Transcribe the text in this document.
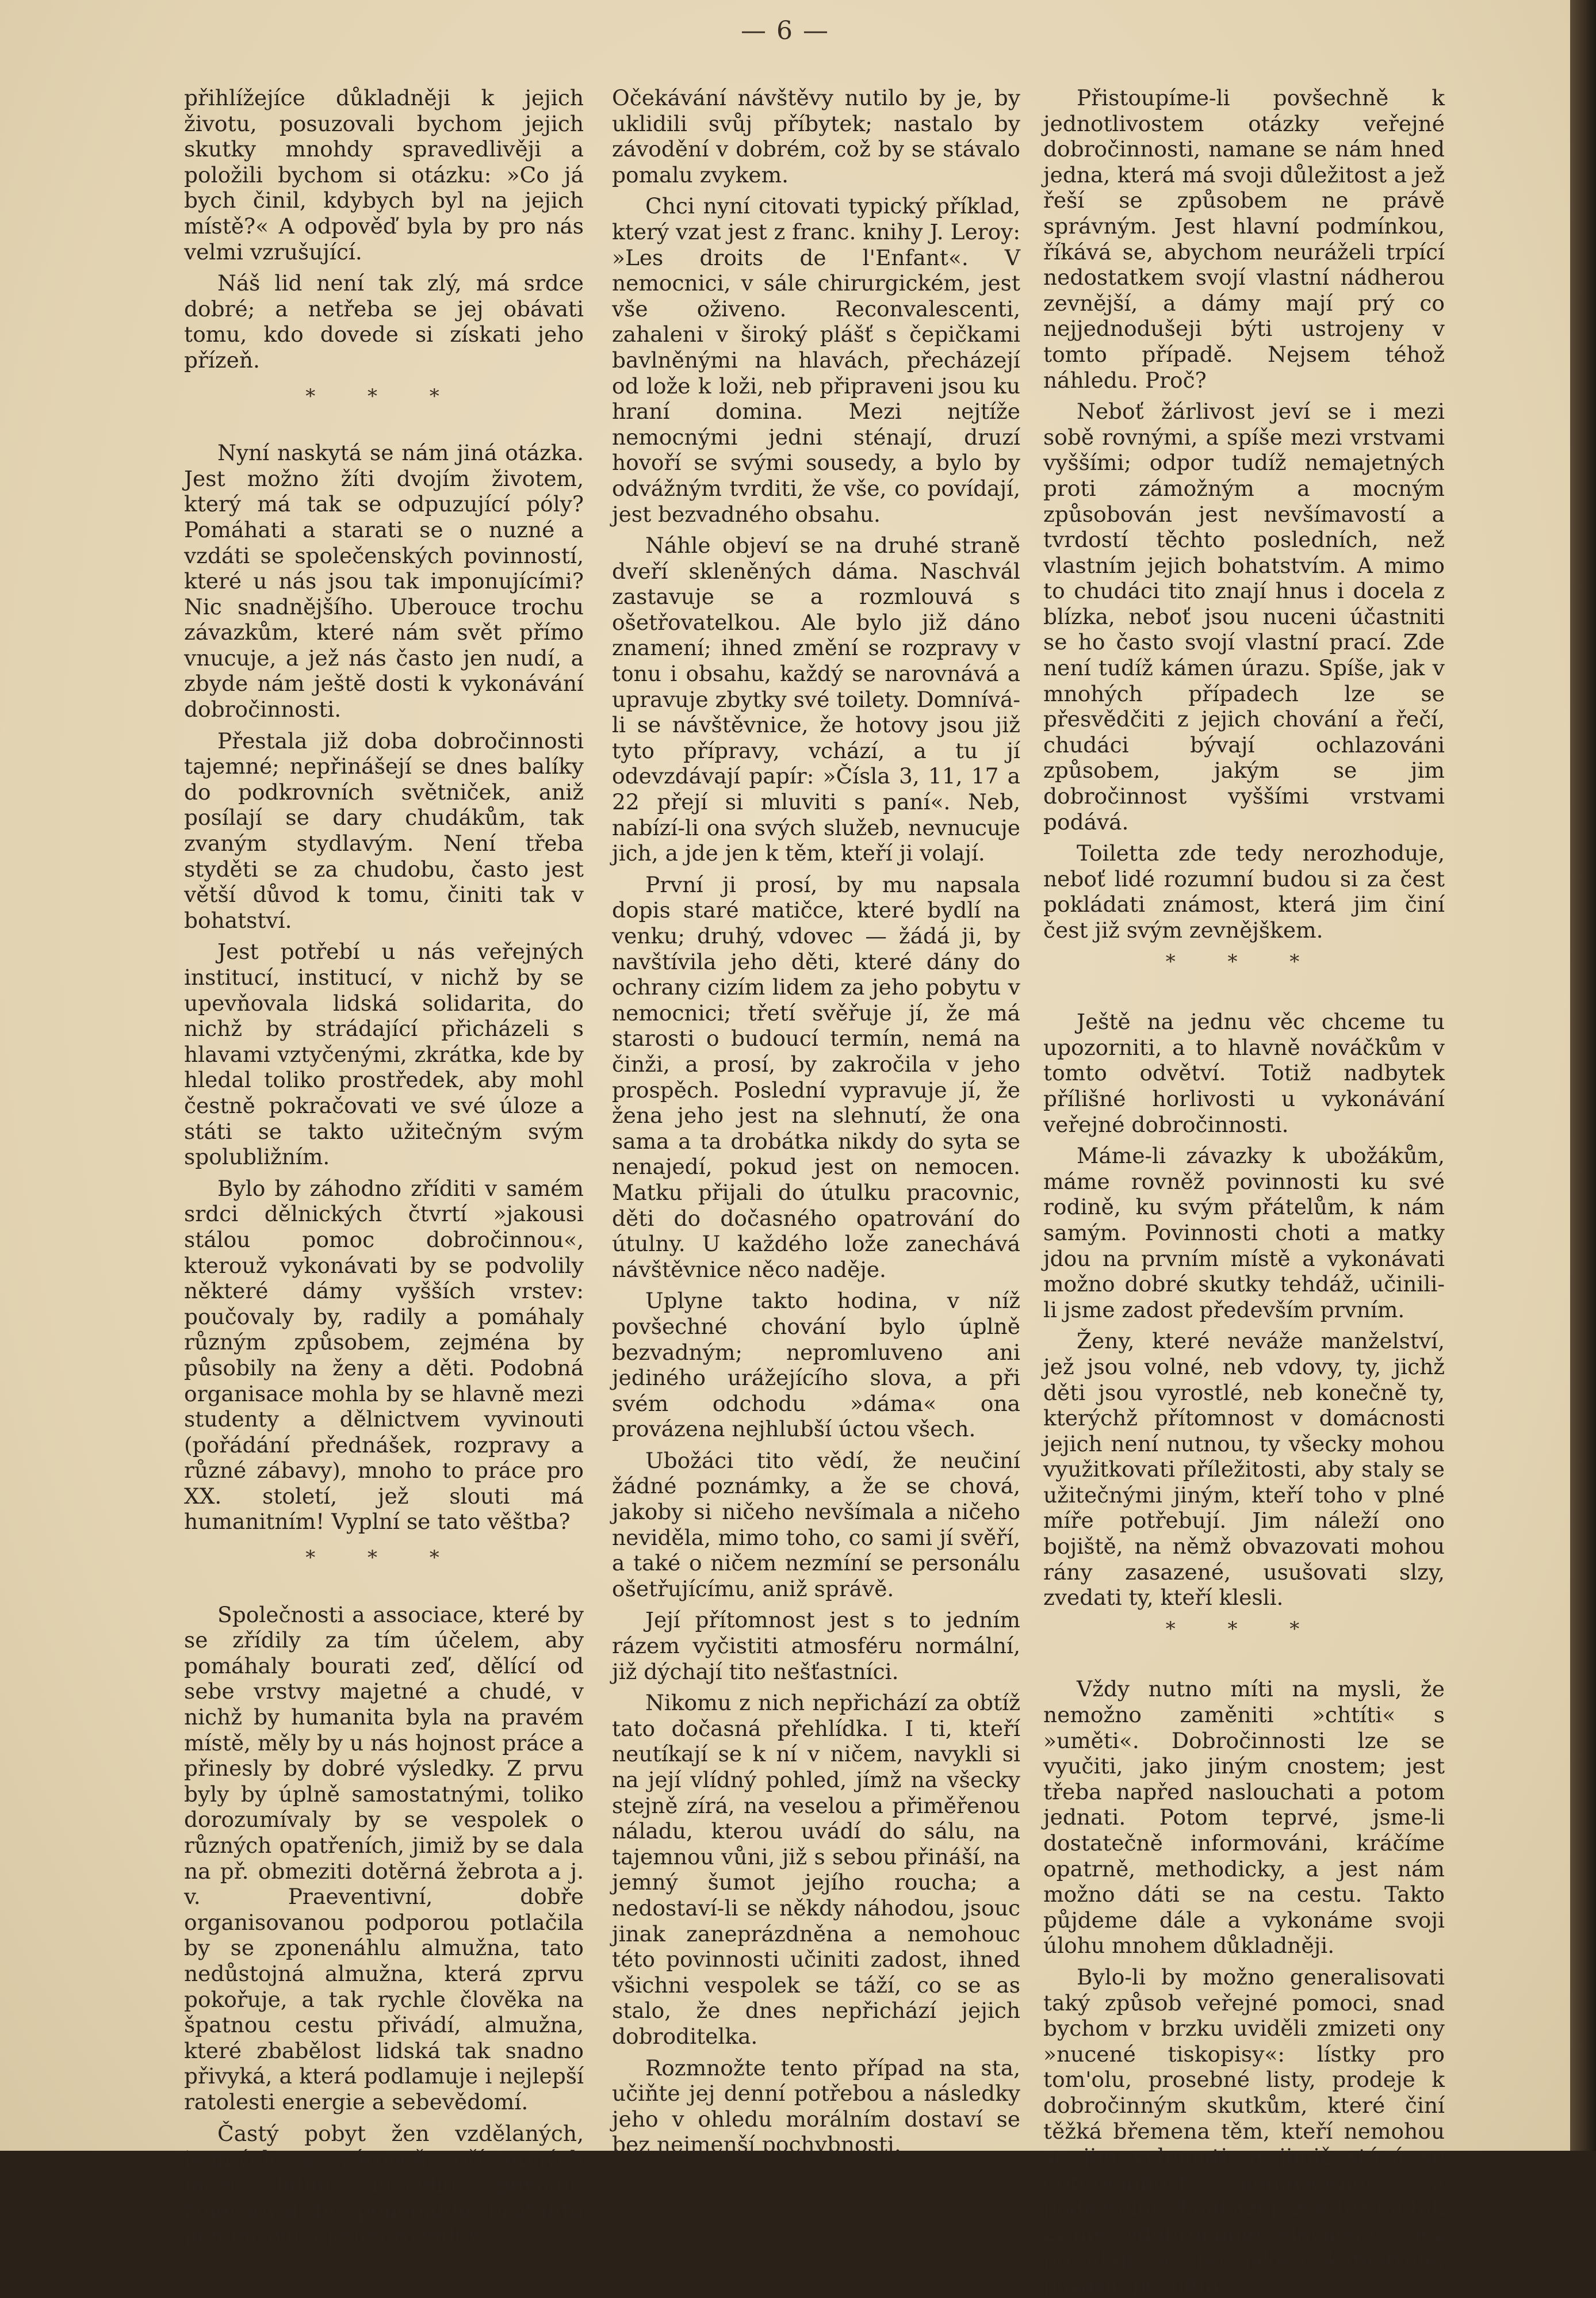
— 6 —

přihlížejíce důkladněji k jejich životu, posuzovali bychom jejich skutky mnohdy spravedlivěji a položili bychom si otázku: »Co já bych činil, kdybych byl na jejich místě?« A odpověď byla by pro nás velmi vzrušující.

Náš lid není tak zlý, má srdce dobré; a netřeba se jej obávati tomu, kdo dovede si získati jeho přízeň.

* * *

Nyní naskytá se nám jiná otázka. Jest možno žíti dvojím životem, který má tak se odpuzující póly? Pomáhati a starati se o nuzné a vzdáti se společenských povinností, které u nás jsou tak imponujícími? Nic snadnějšího. Uberouce trochu závazkům, které nám svět přímo vnucuje, a jež nás často jen nudí, a zbyde nám ještě dosti k vykonávání dobročinnosti.

Přestala již doba dobročinnosti tajemné; nepřinášejí se dnes balíky do podkrovních světniček, aniž posílají se dary chudákům, tak zvaným stydlavým. Není třeba styděti se za chudobu, často jest větší důvod k tomu, činiti tak v bohatství.

Jest potřebí u nás veřejných institucí, institucí, v nichž by se upevňovala lidská solidarita, do nichž by strádající přicházeli s hlavami vztyčenými, zkrátka, kde by hledal toliko prostředek, aby mohl čestně pokračovati ve své úloze a státi se takto užitečným svým spolubližním.

Bylo by záhodno zříditi v samém srdci dělnických čtvrtí »jakousi stálou pomoc dobročinnou«, kterouž vykonávati by se podvolily některé dámy vyšších vrstev: poučovaly by, radily a pomáhaly různým způsobem, zejména by působily na ženy a děti. Podobná organisace mohla by se hlavně mezi studenty a dělnictvem vyvinouti (pořádání přednášek, rozpravy a různé zábavy), mnoho to práce pro XX. století, jež slouti má humanitním! Vyplní se tato věštba?

* * *

Společnosti a associace, které by se zřídily za tím účelem, aby pomáhaly bourati zeď, dělící od sebe vrstvy majetné a chudé, v nichž by humanita byla na pravém místě, měly by u nás hojnost práce a přinesly by dobré výsledky. Z prvu byly by úplně samostatnými, toliko dorozumívaly by se vespolek o různých opatřeních, jimiž by se dala na př. obmeziti dotěrná žebrota a j. v. Praeventivní, dobře organisovanou podporou potlačila by se zponenáhlu almužna, tato nedůstojná almužna, která zprvu pokořuje, a tak rychle člověka na špatnou cestu přivádí, almužna, které zbabělost lidská tak snadno přivyká, a která podlamuje i nejlepší ratolesti energie a sebevědomí.

Častý pobyt žen vzdělaných, jemných a zároveň přístupných mezi lidmi nízkého původu, zmenšoval by ponenáhlu brutalitu jich mravů a jejich rozmluv.

Očekávání návštěvy nutilo by je, by uklidili svůj příbytek; nastalo by závodění v dobrém, což by se stávalo pomalu zvykem.

Chci nyní citovati typický příklad, který vzat jest z franc. knihy J. Leroy: »Les droits de l'Enfant«. V nemocnici, v sále chirurgickém, jest vše oživeno. Reconvalescenti, zahaleni v široký plášť s čepičkami bavlněnými na hlavách, přecházejí od lože k loži, neb připraveni jsou ku hraní domina. Mezi nejtíže nemocnými jedni sténají, druzí hovoří se svými sousedy, a bylo by odvážným tvrditi, že vše, co povídají, jest bezvadného obsahu.

Náhle objeví se na druhé straně dveří skleněných dáma. Naschvál zastavuje se a rozmlouvá s ošetřovatelkou. Ale bylo již dáno znamení; ihned změní se rozpravy v tonu i obsahu, každý se narovnává a upravuje zbytky své toilety. Domnívá-li se návštěvnice, že hotovy jsou již tyto přípravy, vchází, a tu jí odevzdávají papír: »Čísla 3, 11, 17 a 22 přejí si mluviti s paní«. Neb, nabízí-li ona svých služeb, nevnucuje jich, a jde jen k těm, kteří ji volají.

První ji prosí, by mu napsala dopis staré matičce, které bydlí na venku; druhý, vdovec — žádá ji, by navštívila jeho děti, které dány do ochrany cizím lidem za jeho pobytu v nemocnici; třetí svěřuje jí, že má starosti o budoucí termín, nemá na činži, a prosí, by zakročila v jeho prospěch. Poslední vypravuje jí, že žena jeho jest na slehnutí, že ona sama a ta drobátka nikdy do syta se nenajedí, pokud jest on nemocen. Matku přijali do útulku pracovnic, děti do dočasného opatrování do útulny. U každého lože zanechává návštěvnice něco naděje.

Uplyne takto hodina, v níž povšechné chování bylo úplně bezvadným; nepromluveno ani jediného urážejícího slova, a při svém odchodu »dáma« ona provázena nejhlubší úctou všech.

Ubožáci tito vědí, že neučiní žádné poznámky, a že se chová, jakoby si ničeho nevšímala a ničeho neviděla, mimo toho, co sami jí svěří, a také o ničem nezmíní se personálu ošetřujícímu, aniž správě.

Její přítomnost jest s to jedním rázem vyčistiti atmosféru normální, již dýchají tito nešťastníci.

Nikomu z nich nepřichází za obtíž tato dočasná přehlídka. I ti, kteří neutíkají se k ní v ničem, navykli si na její vlídný pohled, jímž na všecky stejně zírá, na veselou a přiměřenou náladu, kterou uvádí do sálu, na tajemnou vůni, již s sebou přináší, na jemný šumot jejího roucha; a nedostaví-li se někdy náhodou, jsouc jinak zaneprázdněna a nemohouc této povinnosti učiniti zadost, ihned všichni vespolek se táží, co se as stalo, že dnes nepřichází jejich dobroditelka.

Rozmnožte tento případ na sta, učiňte jej denní potřebou a následky jeho v ohledu morálním dostaví se bez nejmenší pochybnosti.

Přistoupíme-li povšechně k jednotlivostem otázky veřejné dobročinnosti, namane se nám hned jedna, která má svoji důležitost a jež řeší se způsobem ne právě správným. Jest hlavní podmínkou, říkává se, abychom neuráželi trpící nedostatkem svojí vlastní nádherou zevnější, a dámy mají prý co nejjednodušeji býti ustrojeny v tomto případě. Nejsem téhož náhledu. Proč?

Neboť žárlivost jeví se i mezi sobě rovnými, a spíše mezi vrstvami vyššími; odpor tudíž nemajetných proti zámožným a mocným způsobován jest nevšímavostí a tvrdostí těchto posledních, než vlastním jejich bohatstvím. A mimo to chudáci tito znají hnus i docela z blízka, neboť jsou nuceni účastniti se ho často svojí vlastní prací. Zde není tudíž kámen úrazu. Spíše, jak v mnohých případech lze se přesvědčiti z jejich chování a řečí, chudáci bývají ochlazováni způsobem, jakým se jim dobročinnost vyššími vrstvami podává.

Toiletta zde tedy nerozhoduje, neboť lidé rozumní budou si za čest pokládati známost, která jim činí čest již svým zevnějškem.

* * *

Ještě na jednu věc chceme tu upozorniti, a to hlavně nováčkům v tomto odvětví. Totiž nadbytek přílišné horlivosti u vykonávání veřejné dobročinnosti.

Máme-li závazky k ubožákům, máme rovněž povinnosti ku své rodině, ku svým přátelům, k nám samým. Povinnosti choti a matky jdou na prvním místě a vykonávati možno dobré skutky tehdáž, učinili-li jsme zadost především prvním.

Ženy, které neváže manželství, jež jsou volné, neb vdovy, ty, jichž děti jsou vyrostlé, neb konečně ty, kterýchž přítomnost v domácnosti jejich není nutnou, ty všecky mohou využitkovati příležitosti, aby staly se užitečnými jiným, kteří toho v plné míře potřebují. Jim náleží ono bojiště, na němž obvazovati mohou rány zasazené, usušovati slzy, zvedati ty, kteří klesli.

* * *

Vždy nutno míti na mysli, že nemožno zaměniti »chtíti« s »uměti«. Dobročinnosti lze se vyučiti, jako jiným cnostem; jest třeba napřed naslouchati a potom jednati. Potom teprvé, jsme-li dostatečně informováni, kráčíme opatrně, methodicky, a jest nám možno dáti se na cestu. Takto půjdeme dále a vykonáme svoji úlohu mnohem důkladněji.

Bylo-li by možno generalisovati taký způsob veřejné pomoci, snad bychom v brzku uviděli zmizeti ony »nucené tiskopisy«: lístky pro tom'olu, prosebné listy, prodeje k dobročinným skutkům, které činí těžká břemena těm, kteří nemohou se jim vyhnouti, a jimiž stává se dobročinnost nenáviděnou a podezřelou. Poukazuji zde též na tak zvané »dobročinné slavnosti«, jež pořádají se po jakési katastrofě, požáru, povodni,
